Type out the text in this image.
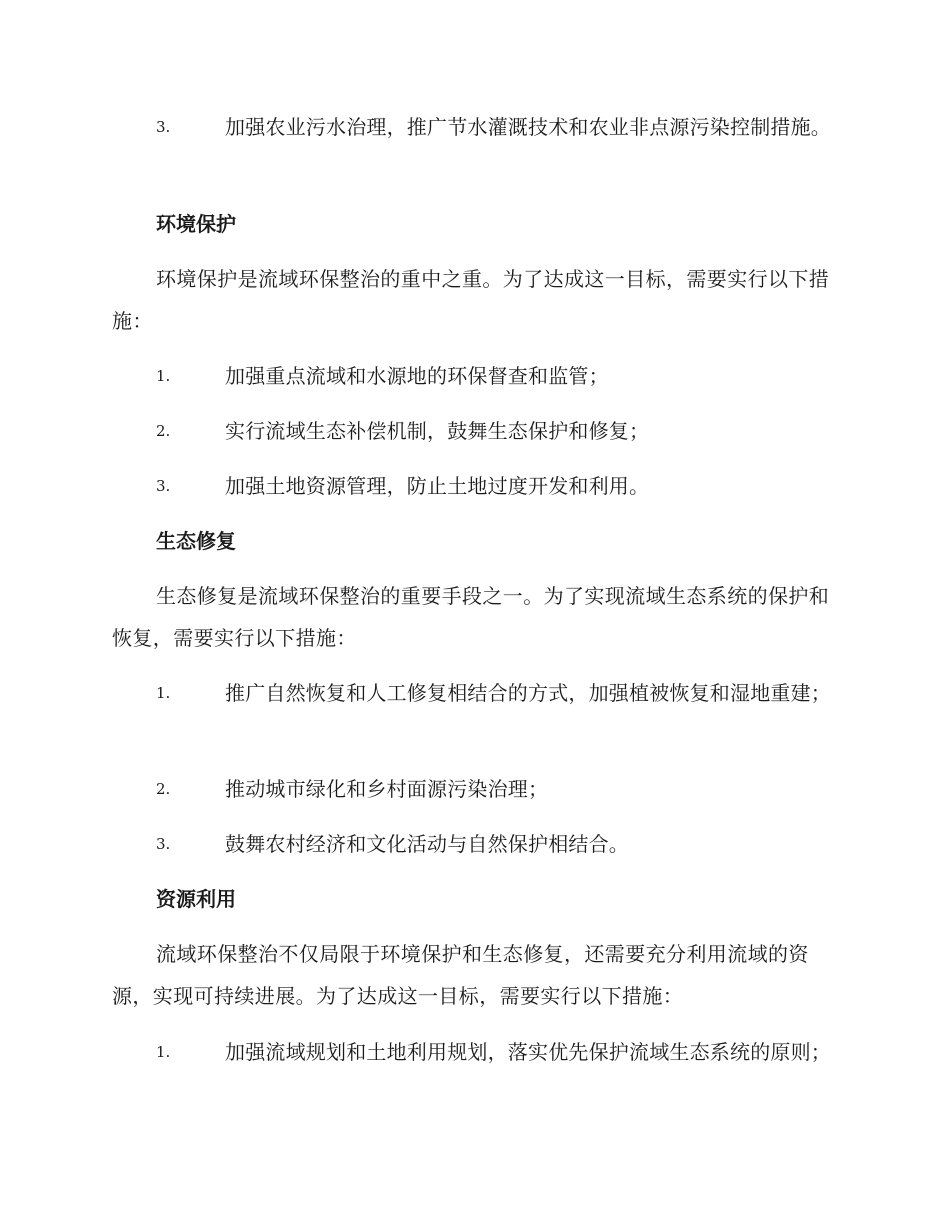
3.	加强农业污水治理，推广节水灌溉技术和农业非点源污染控制措施。
环境保护
环境保护是流域环保整治的重中之重。为了达成这一目标，需要实行以下措施：
1.	加强重点流域和水源地的环保督查和监管；
2.	实行流域生态补偿机制，鼓舞生态保护和修复；
3.	加强土地资源管理，防止土地过度开发和利用。
生态修复
生态修复是流域环保整治的重要手段之一。为了实现流域生态系统的保护和恢复，需要实行以下措施：
1.	推广自然恢复和人工修复相结合的方式，加强植被恢复和湿地重建；
2.	推动城市绿化和乡村面源污染治理；
3.	鼓舞农村经济和文化活动与自然保护相结合。
资源利用
流域环保整治不仅局限于环境保护和生态修复，还需要充分利用流域的资源，实现可持续进展。为了达成这一目标，需要实行以下措施：
1.	加强流域规划和土地利用规划，落实优先保护流域生态系统的原则；
